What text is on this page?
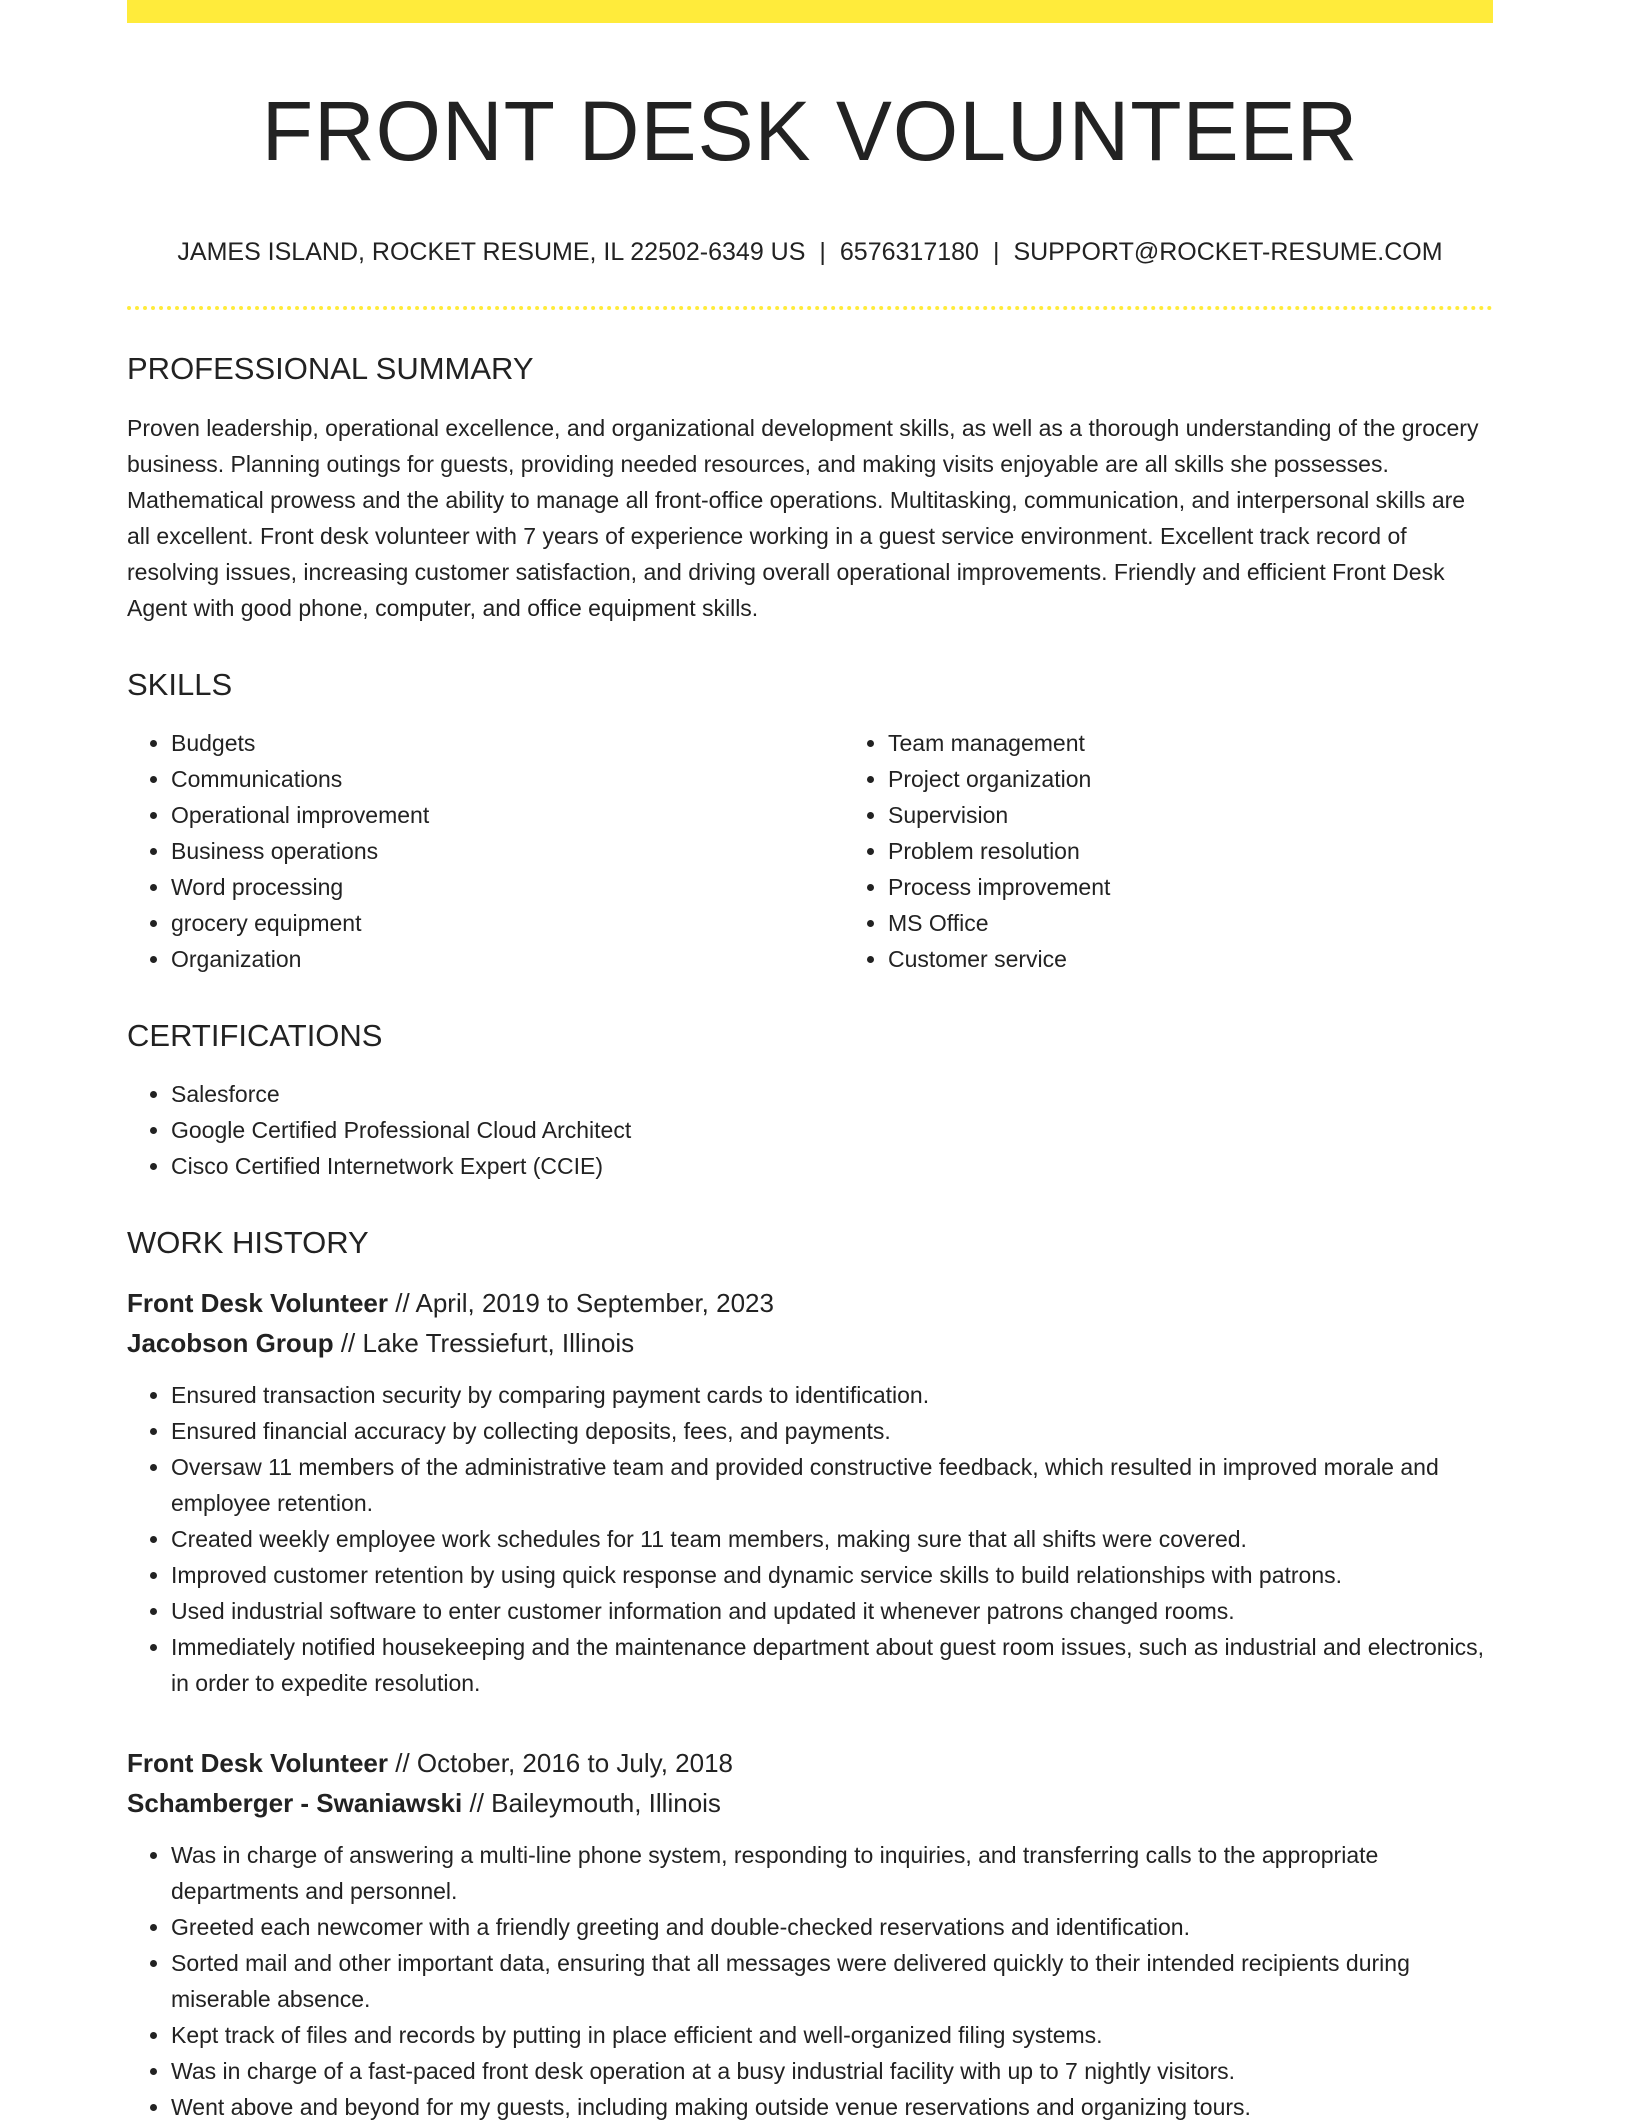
FRONT DESK VOLUNTEER
JAMES ISLAND, ROCKET RESUME, IL 22502-6349 US | 6576317180 | SUPPORT@ROCKET-RESUME.COM
PROFESSIONAL SUMMARY
Proven leadership, operational excellence, and organizational development skills, as well as a thorough understanding of the grocery business. Planning outings for guests, providing needed resources, and making visits enjoyable are all skills she possesses. Mathematical prowess and the ability to manage all front-office operations. Multitasking, communication, and interpersonal skills are all excellent. Front desk volunteer with 7 years of experience working in a guest service environment. Excellent track record of resolving issues, increasing customer satisfaction, and driving overall operational improvements. Friendly and efficient Front Desk Agent with good phone, computer, and office equipment skills.
SKILLS
• Budgets
• Communications
• Operational improvement
• Business operations
• Word processing
• grocery equipment
• Organization
• Team management
• Project organization
• Supervision
• Problem resolution
• Process improvement
• MS Office
• Customer service
CERTIFICATIONS
• Salesforce
• Google Certified Professional Cloud Architect
• Cisco Certified Internetwork Expert (CCIE)
WORK HISTORY
Front Desk Volunteer // April, 2019 to September, 2023
Jacobson Group // Lake Tressiefurt, Illinois
• Ensured transaction security by comparing payment cards to identification.
• Ensured financial accuracy by collecting deposits, fees, and payments.
• Oversaw 11 members of the administrative team and provided constructive feedback, which resulted in improved morale and employee retention.
• Created weekly employee work schedules for 11 team members, making sure that all shifts were covered.
• Improved customer retention by using quick response and dynamic service skills to build relationships with patrons.
• Used industrial software to enter customer information and updated it whenever patrons changed rooms.
• Immediately notified housekeeping and the maintenance department about guest room issues, such as industrial and electronics, in order to expedite resolution.
Front Desk Volunteer // October, 2016 to July, 2018
Schamberger - Swaniawski // Baileymouth, Illinois
• Was in charge of answering a multi-line phone system, responding to inquiries, and transferring calls to the appropriate departments and personnel.
• Greeted each newcomer with a friendly greeting and double-checked reservations and identification.
• Sorted mail and other important data, ensuring that all messages were delivered quickly to their intended recipients during miserable absence.
• Kept track of files and records by putting in place efficient and well-organized filing systems.
• Was in charge of a fast-paced front desk operation at a busy industrial facility with up to 7 nightly visitors.
• Went above and beyond for my guests, including making outside venue reservations and organizing tours.
